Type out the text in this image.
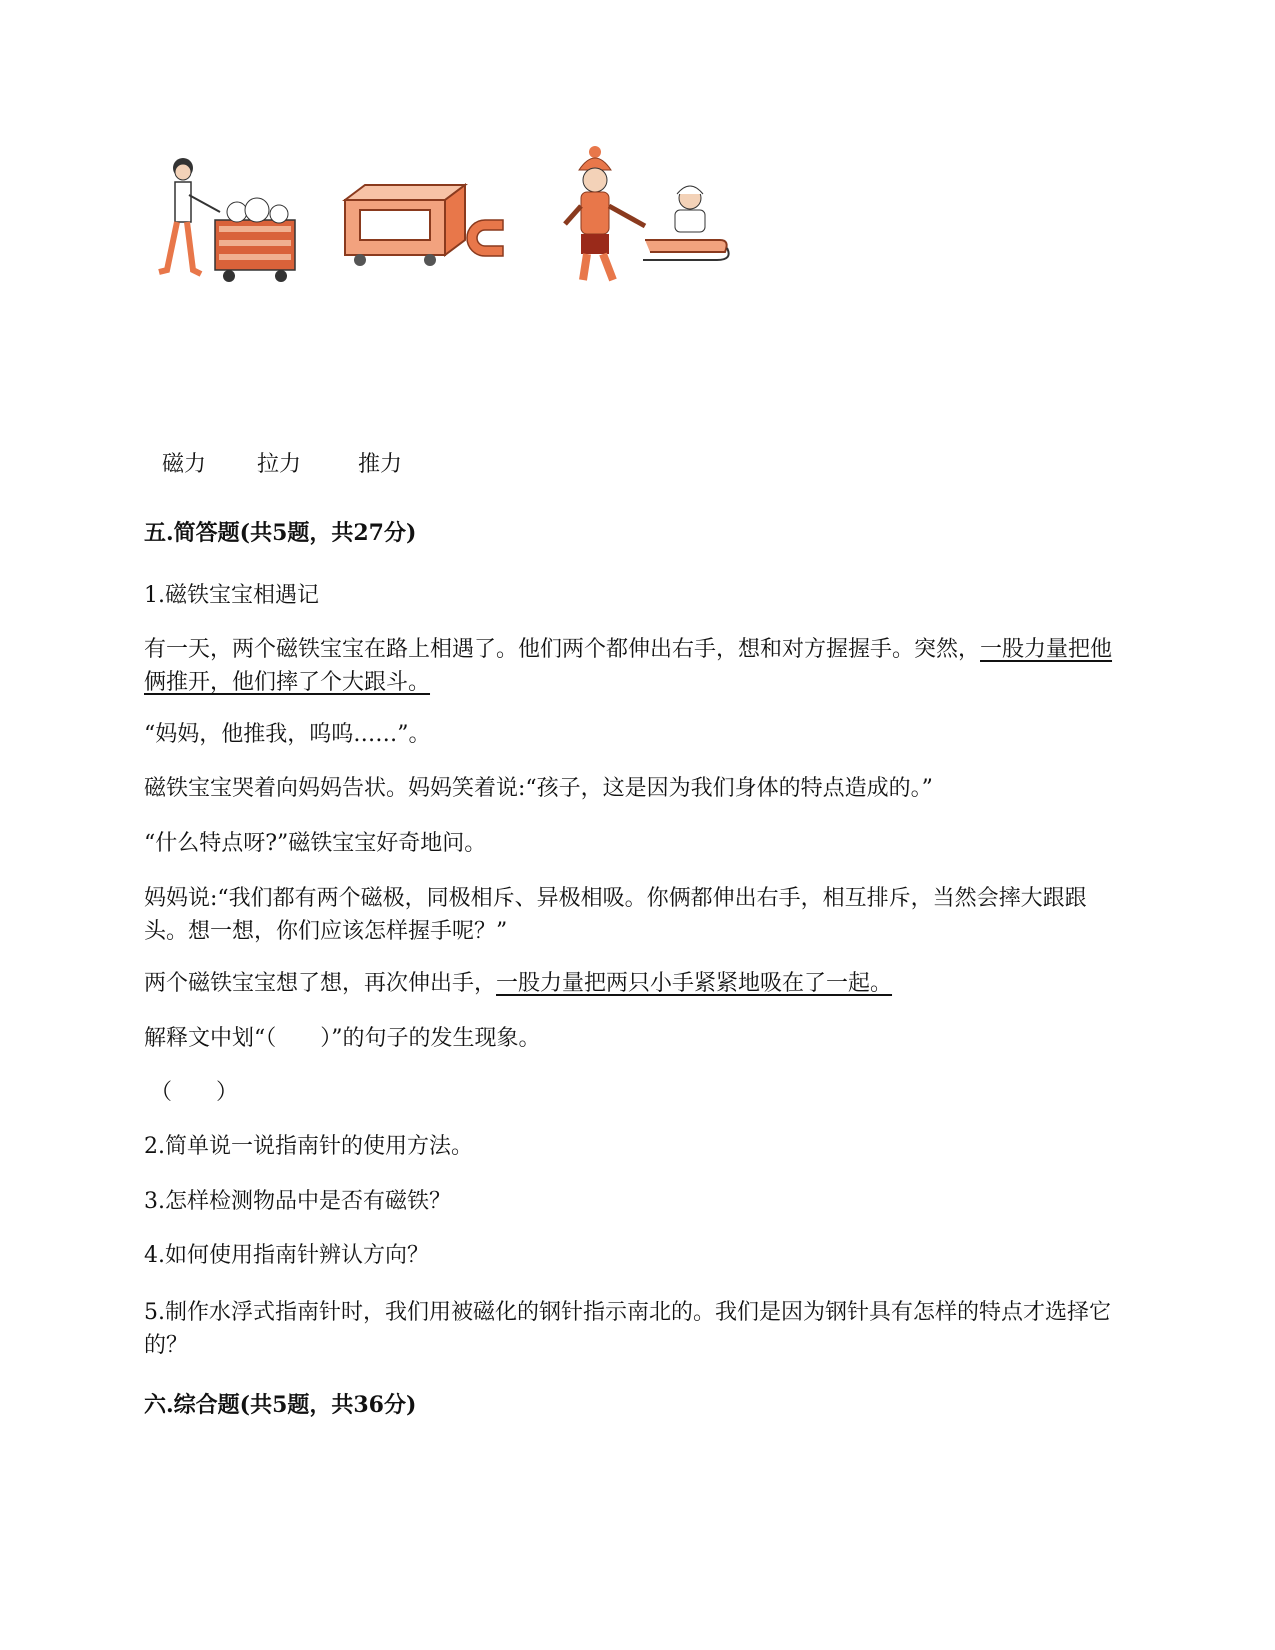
磁力 拉力	推力
五.简答题(共5题，共27分)
1.磁铁宝宝相遇记
有一天，两个磁铁宝宝在路上相遇了。他们两个都伸出右手，想和对方握握手。突然，一股力量把他俩推开，他们摔了个大跟斗。
“妈妈，他推我，呜呜……”。
磁铁宝宝哭着向妈妈告状。妈妈笑着说:“孩子，这是因为我们身体的特点造成的。”
“什么特点呀?”磁铁宝宝好奇地问。
妈妈说:“我们都有两个磁极，同极相斥、异极相吸。你俩都伸出右手，相互排斥，当然会摔大跟跟头。想一想，你们应该怎样握手呢？”
两个磁铁宝宝想了想，再次伸出手，一股力量把两只小手紧紧地吸在了一起。
解释文中划“（　　）”的句子的发生现象。
（　　）
2.简单说一说指南针的使用方法。
3.怎样检测物品中是否有磁铁？
4.如何使用指南针辨认方向？
5.制作水浮式指南针时，我们用被磁化的钢针指示南北的。我们是因为钢针具有怎样的特点才选择它的？
六.综合题(共5题，共36分)
